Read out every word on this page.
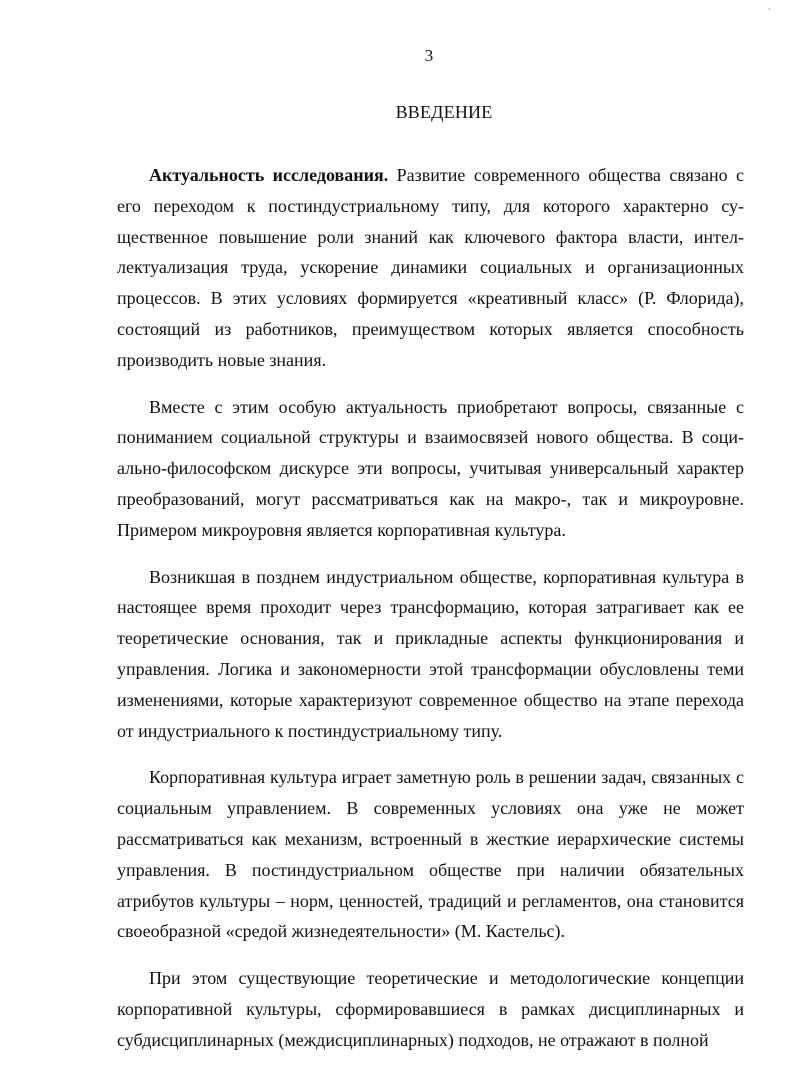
`
3
ВВЕДЕНИЕ

Актуальность исследования. Развитие современного общества связано с его переходом к постиндустриальному типу, для которого характерно существенное повышение роли знаний как ключевого фактора власти, интеллектуализация труда, ускорение динамики социальных и организационных процессов. В этих условиях формируется «креативный класс» (Р. Флорида), состоящий из работников, преимуществом которых является способность производить новые знания.

Вместе с этим особую актуальность приобретают вопросы, связанные с пониманием социальной структуры и взаимосвязей нового общества. В социально-философском дискурсе эти вопросы, учитывая универсальный характер преобразований, могут рассматриваться как на макро-, так и микроуровне. Примером микроуровня является корпоративная культура.

Возникшая в позднем индустриальном обществе, корпоративная культура в настоящее время проходит через трансформацию, которая затрагивает как ее теоретические основания, так и прикладные аспекты функционирования и управления. Логика и закономерности этой трансформации обусловлены теми изменениями, которые характеризуют современное общество на этапе перехода от индустриального к постиндустриальному типу.

Корпоративная культура играет заметную роль в решении задач, связанных с социальным управлением. В современных условиях она уже не может рассматриваться как механизм, встроенный в жесткие иерархические системы управления. В постиндустриальном обществе при наличии обязательных атрибутов культуры – норм, ценностей, традиций и регламентов, она становится своеобразной «средой жизнедеятельности» (М. Кастельс).

При этом существующие теоретические и методологические концепции корпоративной культуры, сформировавшиеся в рамках дисциплинарных и субдисциплинарных (междисциплинарных) подходов, не отражают в полной
